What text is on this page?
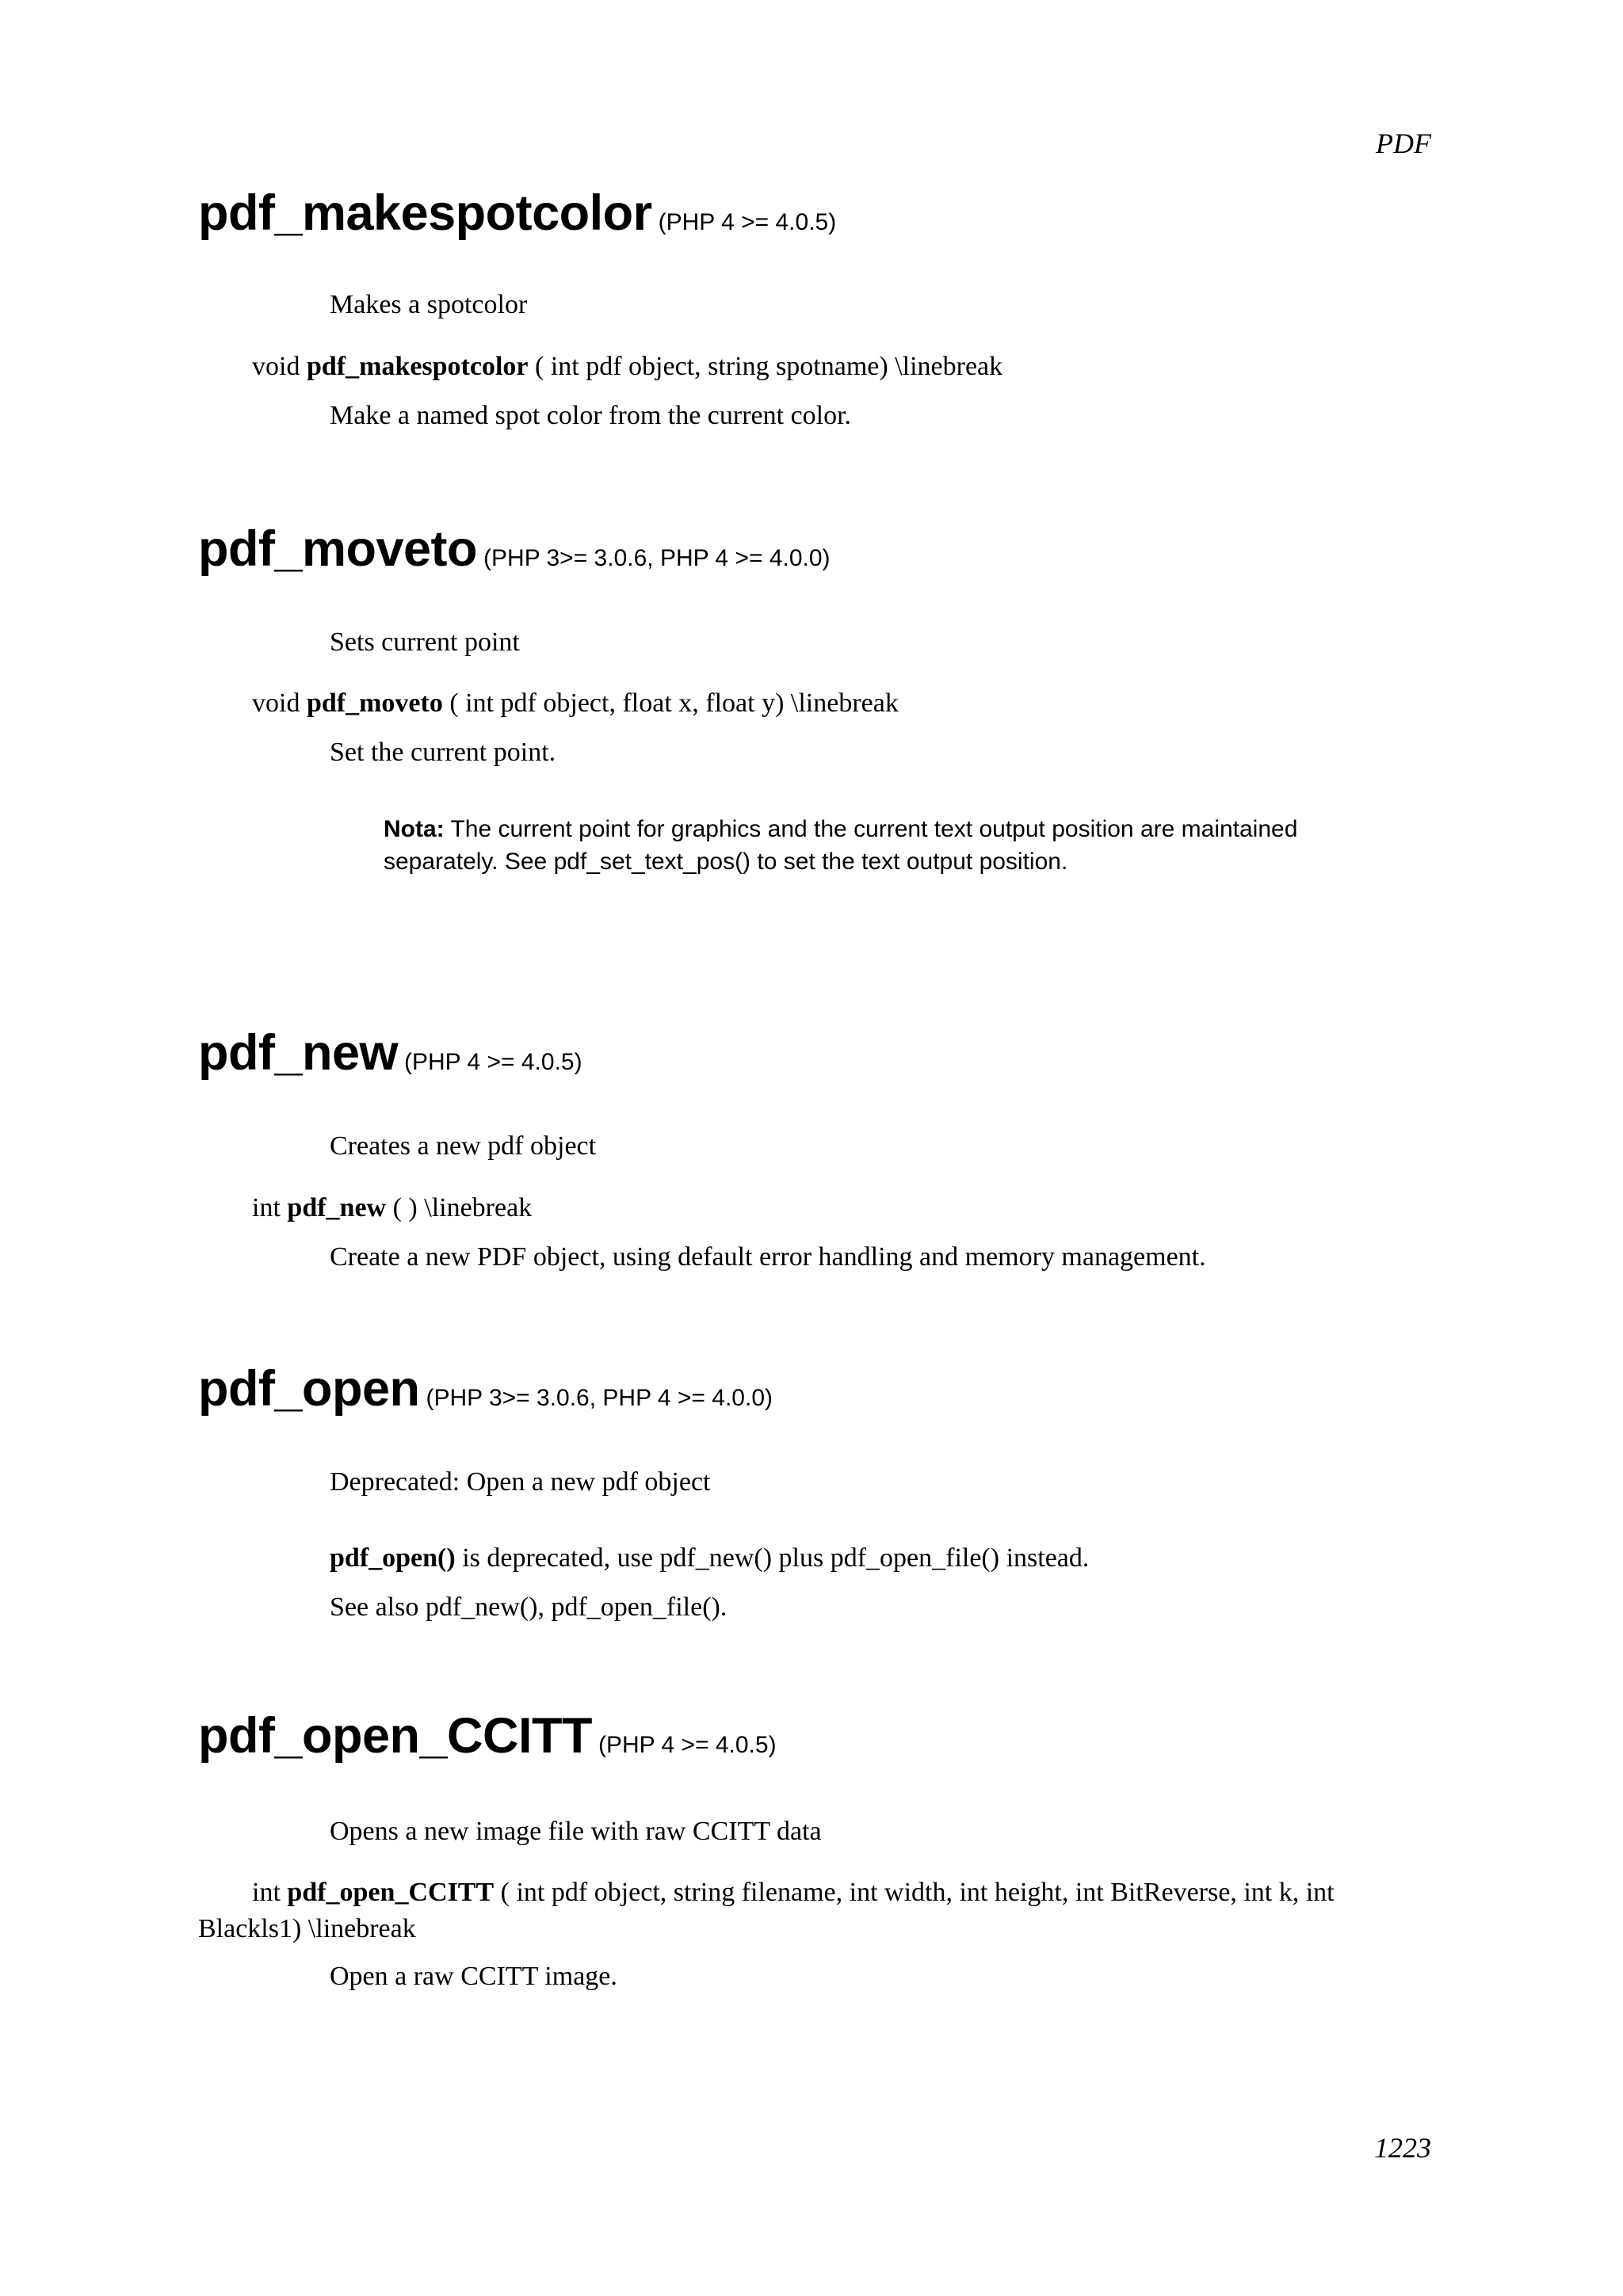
PDF
pdf_makespotcolor (PHP 4 >= 4.0.5)
Makes a spotcolor
void pdf_makespotcolor ( int pdf object, string spotname) \linebreak
Make a named spot color from the current color.
pdf_moveto (PHP 3>= 3.0.6, PHP 4 >= 4.0.0)
Sets current point
void pdf_moveto ( int pdf object, float x, float y) \linebreak
Set the current point.
Nota: The current point for graphics and the current text output position are maintained
separately. See pdf_set_text_pos() to set the text output position.
pdf_new (PHP 4 >= 4.0.5)
Creates a new pdf object
int pdf_new ( ) \linebreak
Create a new PDF object, using default error handling and memory management.
pdf_open (PHP 3>= 3.0.6, PHP 4 >= 4.0.0)
Deprecated: Open a new pdf object
pdf_open() is deprecated, use pdf_new() plus pdf_open_file() instead.
See also pdf_new(), pdf_open_file().
pdf_open_CCITT (PHP 4 >= 4.0.5)
Opens a new image file with raw CCITT data
int pdf_open_CCITT ( int pdf object, string filename, int width, int height, int BitReverse, int k, int Blackls1) \linebreak
Open a raw CCITT image.
1223
